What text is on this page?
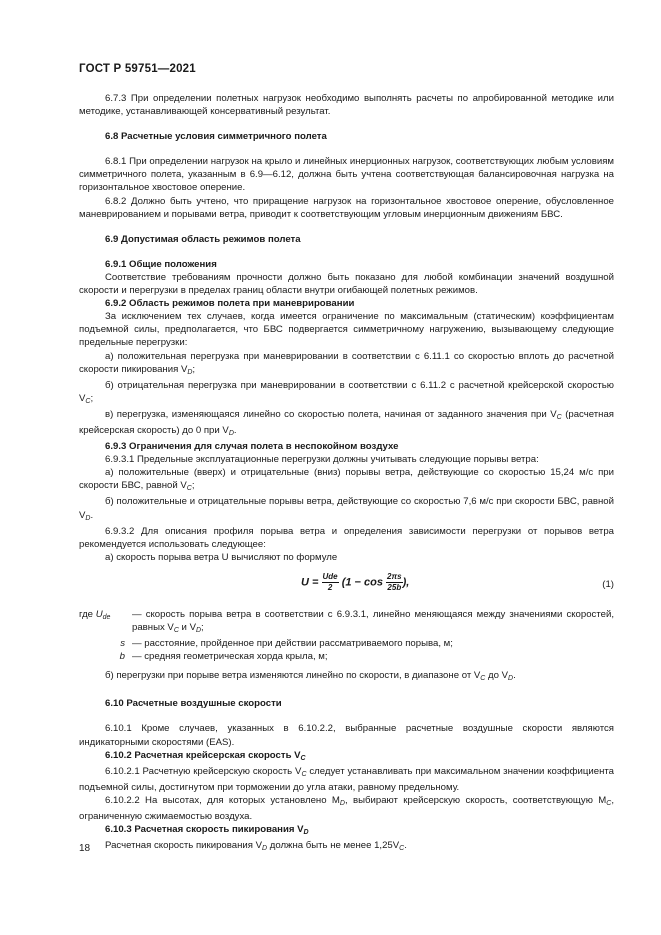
ГОСТ Р 59751—2021

6.7.3 При определении полетных нагрузок необходимо выполнять расчеты по апробированной методике или методике, устанавливающей консервативный результат.

6.8 Расчетные условия симметричного полета

6.8.1 При определении нагрузок на крыло и линейных инерционных нагрузок, соответствующих любым условиям симметричного полета, указанным в 6.9—6.12, должна быть учтена соответствующая балансировочная нагрузка на горизонтальное хвостовое оперение.

6.8.2 Должно быть учтено, что приращение нагрузок на горизонтальное хвостовое оперение, обусловленное маневрированием и порывами ветра, приводит к соответствующим угловым инерционным движениям БВС.

6.9 Допустимая область режимов полета

6.9.1 Общие положения

Соответствие требованиям прочности должно быть показано для любой комбинации значений воздушной скорости и перегрузки в пределах границ области внутри огибающей полетных режимов.

6.9.2 Область режимов полета при маневрировании

За исключением тех случаев, когда имеется ограничение по максимальным (статическим) коэффициентам подъемной силы, предполагается, что БВС подвергается симметричному нагружению, вызывающему следующие предельные перегрузки:

а) положительная перегрузка при маневрировании в соответствии с 6.11.1 со скоростью вплоть до расчетной скорости пикирования $V_D$;

б) отрицательная перегрузка при маневрировании в соответствии с 6.11.2 с расчетной крейсерской скоростью $V_C$;

в) перегрузка, изменяющаяся линейно со скоростью полета, начиная от заданного значения при $V_C$ (расчетная крейсерская скорость) до 0 при $V_D$.

6.9.3 Ограничения для случая полета в неспокойном воздухе

6.9.3.1 Предельные эксплуатационные перегрузки должны учитывать следующие порывы ветра:

а) положительные (вверх) и отрицательные (вниз) порывы ветра, действующие со скоростью 15,24 м/с при скорости БВС, равной $V_C$;

б) положительные и отрицательные порывы ветра, действующие со скоростью 7,6 м/с при скорости БВС, равной $V_D$.

6.9.3.2 Для описания профиля порыва ветра и определения зависимости перегрузки от порывов ветра рекомендуется использовать следующее:

а) скорость порыва ветра U вычисляют по формуле

$U = \frac{\text{Ude}}{2} (1 - \cos \frac{2\pi s}{25b}$ ),	(1)
где $U_{de}$ — скорость порыва ветра в соответствии с 6.9.3.1, линейно меняющаяся между значениями скоростей, равных $V_C$ и $V_D$;
s — расстояние, пройденное при действии рассматриваемого порыва, м;
b — средняя геометрическая хорда крыла, м;

б) перегрузки при порыве ветра изменяются линейно по скорости, в диапазоне от $V_C$ до $V_D$.

6.10 Расчетные воздушные скорости

6.10.1 Кроме случаев, указанных в 6.10.2.2, выбранные расчетные воздушные скорости являются индикаторными скоростями (EAS).

6.10.2 Расчетная крейсерская скорость $V_C$

6.10.2.1 Расчетную крейсерскую скорость $V_C$ следует устанавливать при максимальном значении коэффициента подъемной силы, достигнутом при торможении до угла атаки, равному предельному.

6.10.2.2 На высотах, для которых установлено $M_D$, выбирают крейсерскую скорость, соответствующую $M_C$, ограниченную сжимаемостью воздуха.

6.10.3 Расчетная скорость пикирования $V_D$

Расчетная скорость пикирования $V_D$ должна быть не менее $1,25V_C$.

18
